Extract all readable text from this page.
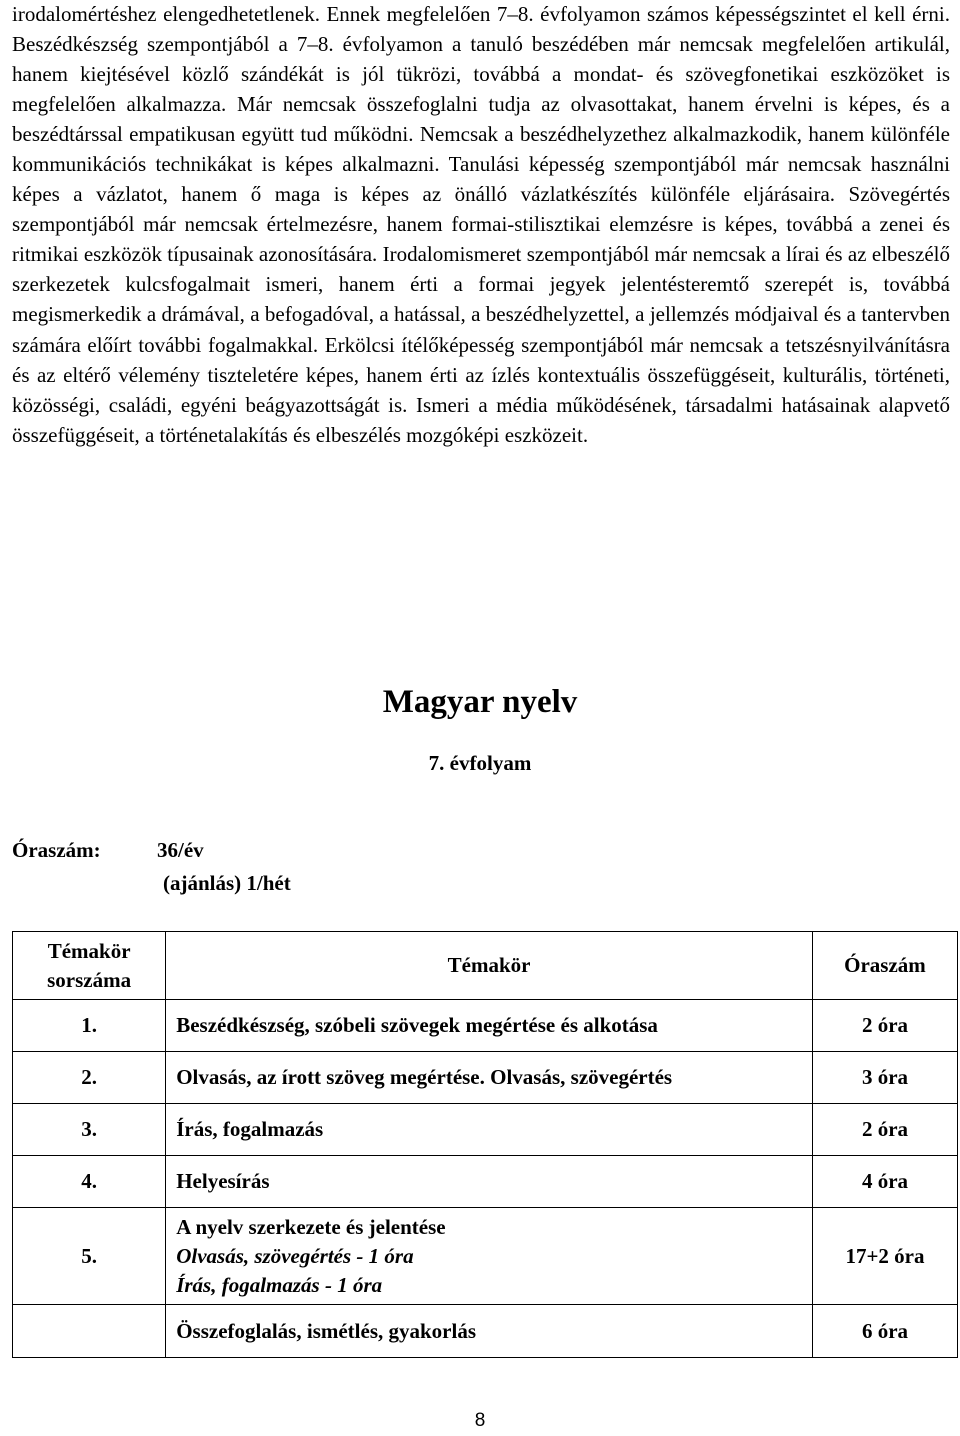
irodalomértéshez elengedhetetlenek. Ennek megfelelően 7‒8. évfolyamon számos képességszintet el kell érni. Beszédkészség szempontjából a 7‒8. évfolyamon a tanuló beszédében már nemcsak megfelelően artikulál, hanem kiejtésével közlő szándékát is jól tükrözi, továbbá a mondat- és szövegfonetikai eszközöket is megfelelően alkalmazza. Már nemcsak összefoglalni tudja az olvasottakat, hanem érvelni is képes, és a beszédtárssal empatikusan együtt tud működni. Nemcsak a beszédhelyzethez alkalmazkodik, hanem különféle kommunikációs technikákat is képes alkalmazni. Tanulási képesség szempontjából már nemcsak használni képes a vázlatot, hanem ő maga is képes az önálló vázlatkészítés különféle eljárásaira. Szövegértés szempontjából már nemcsak értelmezésre, hanem formai-stilisztikai elemzésre is képes, továbbá a zenei és ritmikai eszközök típusainak azonosítására. Irodalomismeret szempontjából már nemcsak a lírai és az elbeszélő szerkezetek kulcsfogalmait ismeri, hanem érti a formai jegyek jelentésteremtő szerepét is, továbbá megismerkedik a drámával, a befogadóval, a hatással, a beszédhelyzettel, a jellemzés módjaival és a tantervben számára előírt további fogalmakkal. Erkölcsi ítélőképesség szempontjából már nemcsak a tetszésnyilvánításra és az eltérő vélemény tiszteletére képes, hanem érti az ízlés kontextuális összefüggéseit, kulturális, történeti, közösségi, családi, egyéni beágyazottságát is. Ismeri a média működésének, társadalmi hatásainak alapvető összefüggéseit, a történetalakítás és elbeszélés mozgóképi eszközeit.

Magyar nyelv
7. évfolyam
Óraszám:	36/év
(ajánlás) 1/hét
Témakör
sorszáma	Témakör	Óraszám
1.	Beszédkészség, szóbeli szövegek megértése és alkotása	2 óra
2.	Olvasás, az írott szöveg megértése. Olvasás, szövegértés	3 óra
3.	Írás, fogalmazás	2 óra
4.	Helyesírás	4 óra
5.	A nyelv szerkezete és jelentése
Olvasás, szövegértés - 1 óra
Írás, fogalmazás - 1 óra	17+2 óra
	Összefoglalás, ismétlés, gyakorlás	6 óra
8
